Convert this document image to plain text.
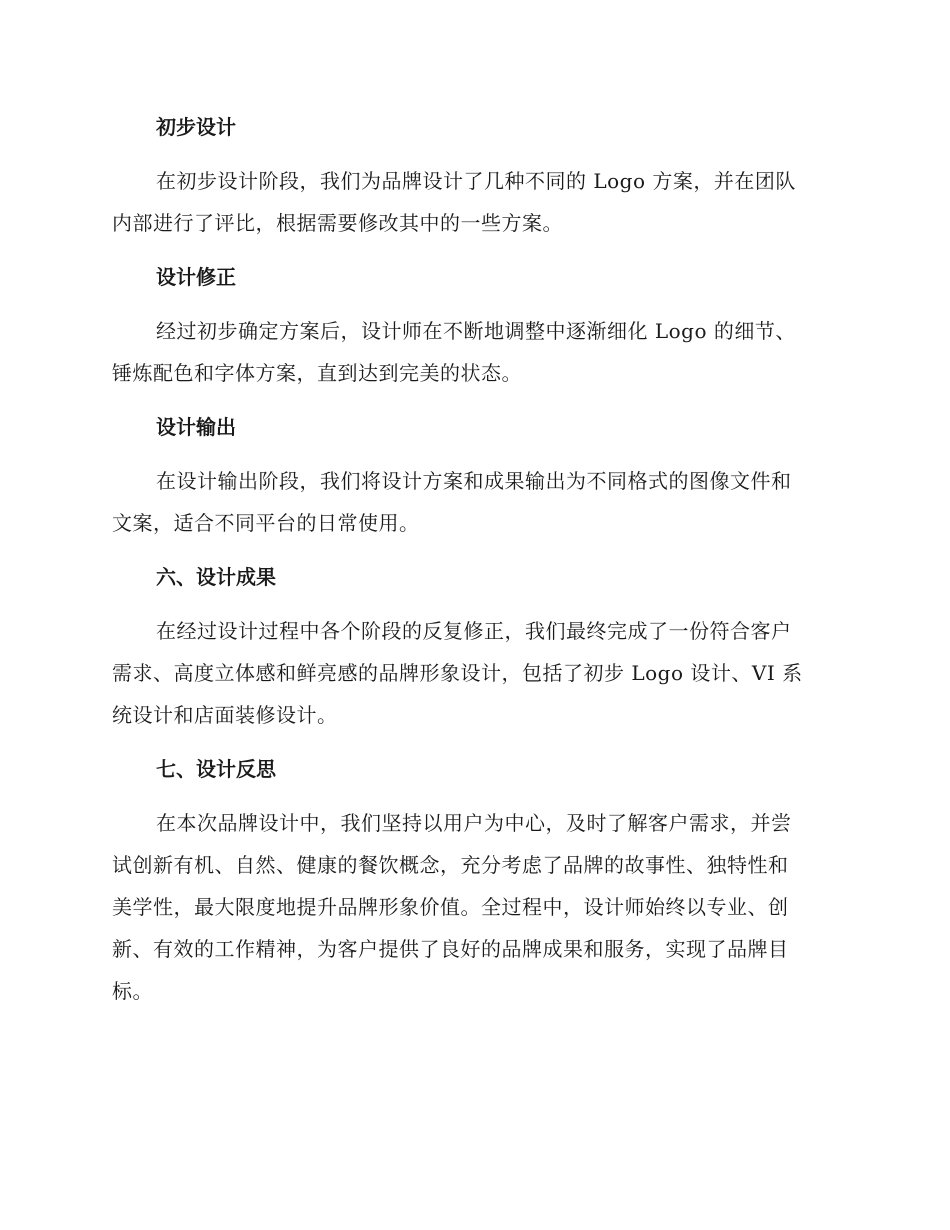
初步设计

在初步设计阶段，我们为品牌设计了几种不同的 Logo 方案，并在团队
内部进行了评比，根据需要修改其中的一些方案。

设计修正

经过初步确定方案后，设计师在不断地调整中逐渐细化 Logo 的细节、
锤炼配色和字体方案，直到达到完美的状态。

设计输出

在设计输出阶段，我们将设计方案和成果输出为不同格式的图像文件和
文案，适合不同平台的日常使用。

六、设计成果

在经过设计过程中各个阶段的反复修正，我们最终完成了一份符合客户
需求、高度立体感和鲜亮感的品牌形象设计，包括了初步 Logo 设计、VI 系
统设计和店面装修设计。

七、设计反思

在本次品牌设计中，我们坚持以用户为中心，及时了解客户需求，并尝
试创新有机、自然、健康的餐饮概念，充分考虑了品牌的故事性、独特性和
美学性，最大限度地提升品牌形象价值。全过程中，设计师始终以专业、创
新、有效的工作精神，为客户提供了良好的品牌成果和服务，实现了品牌目
标。
